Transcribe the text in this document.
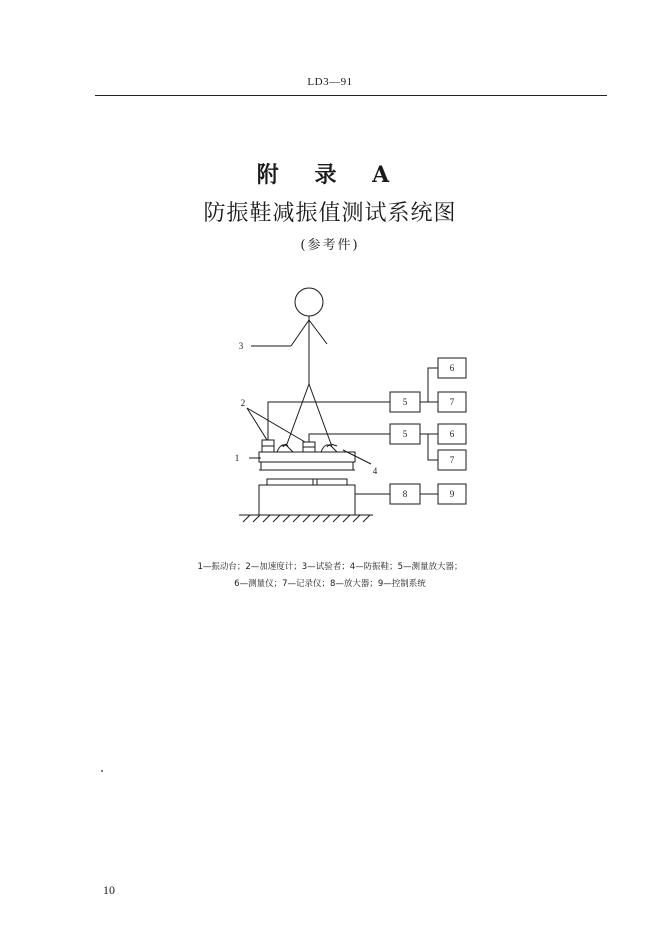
LD3—91
附 录 A
防振鞋减振值测试系统图
(参考件)
1
2
3
4
5
5
6
7
6
7
8	9
1—振动台；2—加速度计；3—试验者；4—防振鞋；5—测量放大器；
6—测量仪；7—记录仪；8—放大器；9—控制系统
10
